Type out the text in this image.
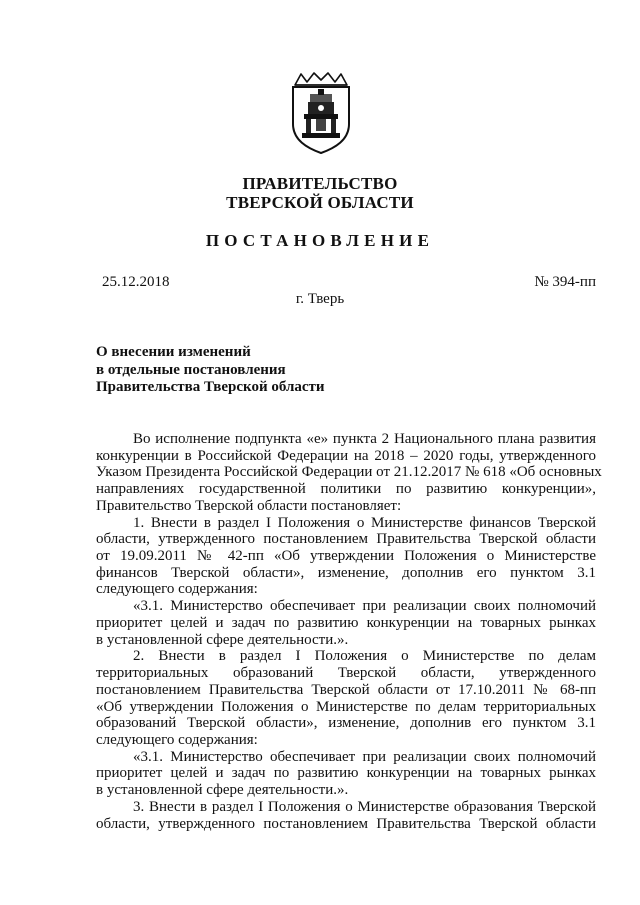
ПРАВИТЕЛЬСТВО
ТВЕРСКОЙ ОБЛАСТИ
ПОСТАНОВЛЕНИЕ
25.12.2018	№ 394-пп
г. Тверь
О внесении изменений
в отдельные постановления
Правительства Тверской области
Во исполнение подпункта «е» пункта 2 Национального плана развития
конкуренции в Российской Федерации на 2018 – 2020 годы, утвержденного
Указом Президента Российской Федерации от 21.12.2017 № 618 «Об основных
направлениях государственной политики по развитию конкуренции»,
Правительство Тверской области постановляет:
1. Внести в раздел I Положения о Министерстве финансов Тверской
области, утвержденного постановлением Правительства Тверской области
от 19.09.2011 № 42-пп «Об утверждении Положения о Министерстве
финансов Тверской области», изменение, дополнив его пунктом 3.1
следующего содержания:
«3.1. Министерство обеспечивает при реализации своих полномочий
приоритет целей и задач по развитию конкуренции на товарных рынках
в установленной сфере деятельности.».
2. Внести в раздел I Положения о Министерстве по делам
территориальных образований Тверской области, утвержденного
постановлением Правительства Тверской области от 17.10.2011 № 68-пп
«Об утверждении Положения о Министерстве по делам территориальных
образований Тверской области», изменение, дополнив его пунктом 3.1
следующего содержания:
«3.1. Министерство обеспечивает при реализации своих полномочий
приоритет целей и задач по развитию конкуренции на товарных рынках
в установленной сфере деятельности.».
3. Внести в раздел I Положения о Министерстве образования Тверской
области, утвержденного постановлением Правительства Тверской области
